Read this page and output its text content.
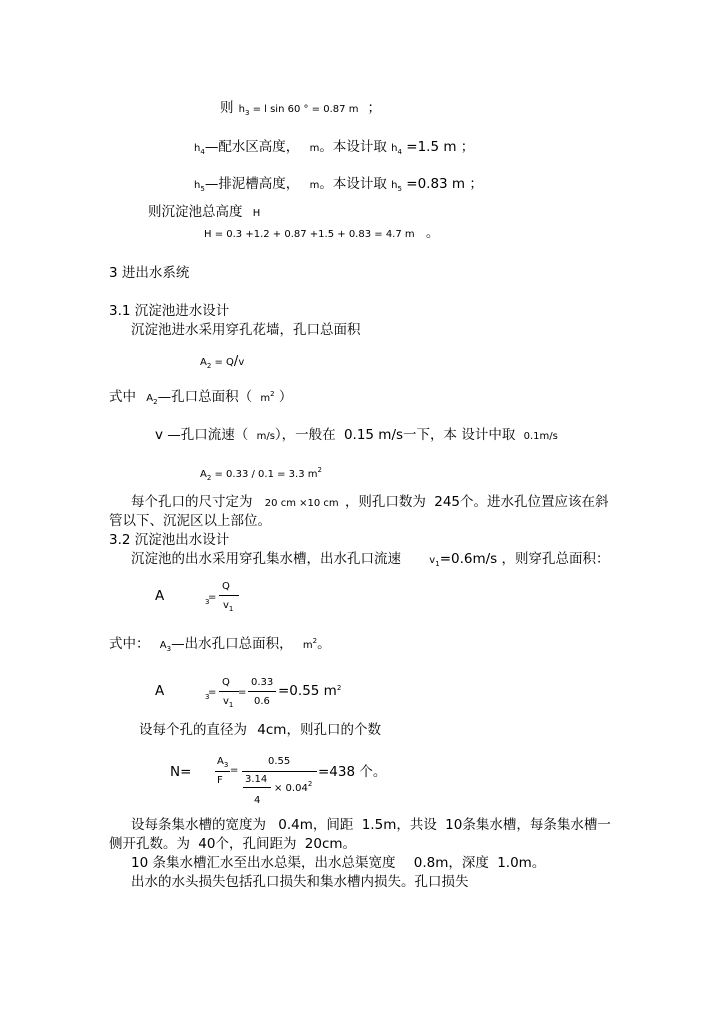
则 h3 = l sin 60 ° = 0.87 m ；
$h_4—$配水区高度， m。本设计取 $h_4 =1.5$ m ；
$h_5—$排泥槽高度， m。本设计取 $h_5 =0.83$ m ；
则沉淀池总高度 H
H = 0.3 +1.2 + 0.87 +1.5 + 0.83 = 4.7 m 。
3 进出水系统
3.1 沉淀池进水设计
沉淀池进水采用穿孔花墙，孔口总面积
$A_2 = Q/v$
式中 $A_2—$孔口总面积（ $m^2$ ）
v —孔口流速（ m/s），一般在 0.15 m/s一下，本 设计中取 0.1m/s
$A_2 = 0.33 / 0.1 = 3.3$ $m^2$
每个孔口的尺寸定为 20 cm ×10 cm ，则孔口数为 245个。进水孔位置应该在斜
管以下、沉泥区以上部位。
3.2 沉淀池出水设计
沉淀池的出水采用穿孔集水槽，出水孔口流速	$v_1=0.6m/s$ ，则穿孔总面积：
A	3
=
Q
$v_1$
式中： $A_3—$出水孔口总面积， $m^2$。
A	3
=
Q
$v_1$
=
0.33
0.6
=0.55 $m^2$
设每个孔的直径为 4cm，则孔口的个数
N=
$A_3$
F
=
0.55
3.14
4
× $0.04^2$
=438 个。
设每条集水槽的宽度为 0.4m，间距 1.5m，共设 10条集水槽，每条集水槽一
侧开孔数。为 40个，孔间距为 20cm。
10 条集水槽汇水至出水总渠，出水总渠宽度 0.8m，深度 1.0m。
出水的水头损失包括孔口损失和集水槽内损失。孔口损失
